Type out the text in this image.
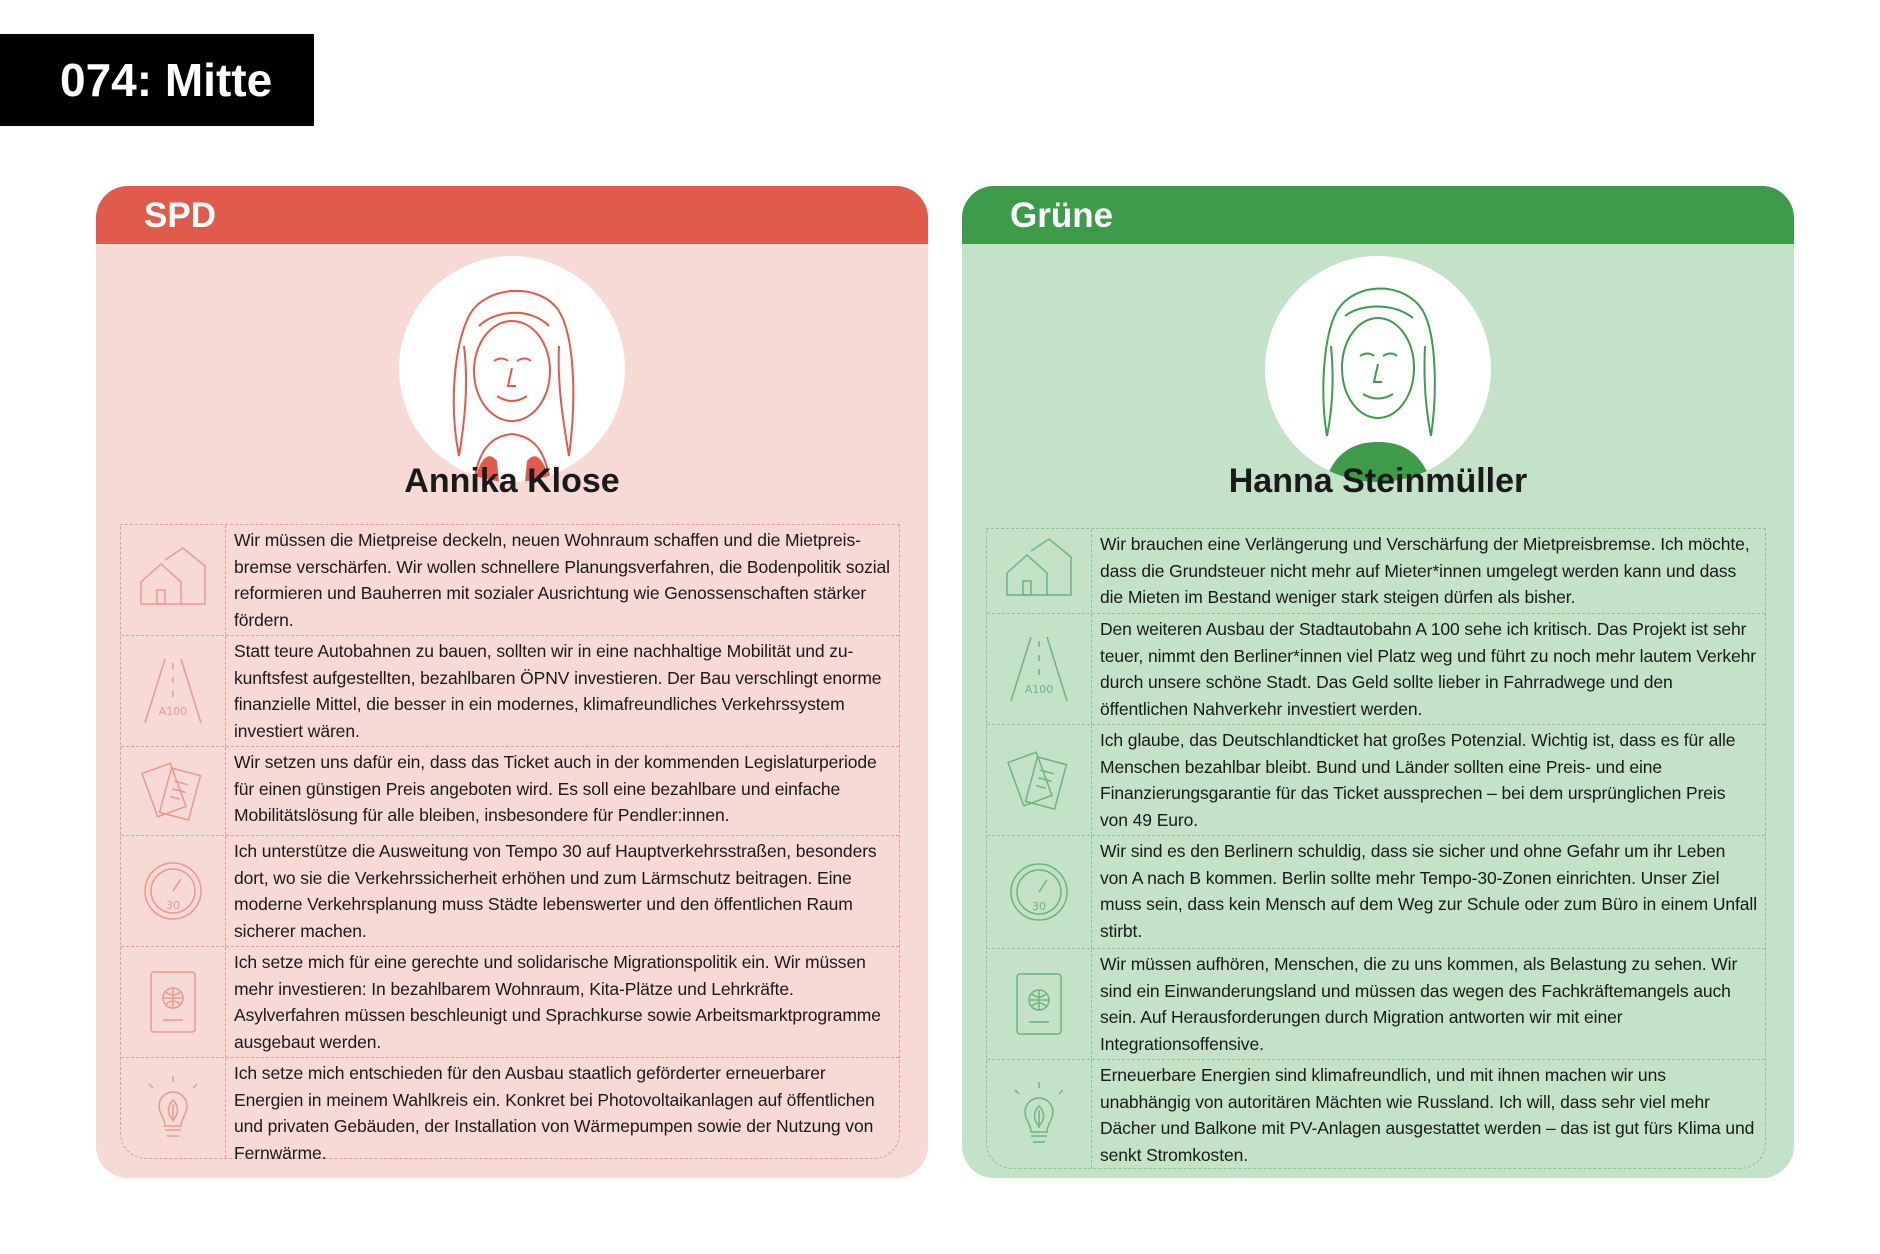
074: Mitte
SPD
Annika Klose
Wir müssen die Mietpreise deckeln, neuen Wohnraum schaffen und die Mietpreis-bremse verschärfen. Wir wollen schnellere Planungsverfahren, die Bodenpolitik sozial reformieren und Bauherren mit sozialer Ausrichtung wie Genossenschaften stärker fördern.
A100
Statt teure Autobahnen zu bauen, sollten wir in eine nachhaltige Mobilität und zu-kunftsfest aufgestellten, bezahlbaren ÖPNV investieren. Der Bau verschlingt enorme finanzielle Mittel, die besser in ein modernes, klimafreundliches Verkehrssystem investiert wären.
Wir setzen uns dafür ein, dass das Ticket auch in der kommenden Legislaturperiode für einen günstigen Preis angeboten wird. Es soll eine bezahlbare und einfache Mobilitätslösung für alle bleiben, insbesondere für Pendler:innen.
30
Ich unterstütze die Ausweitung von Tempo 30 auf Hauptverkehrsstraßen, besonders dort, wo sie die Verkehrssicherheit erhöhen und zum Lärmschutz beitragen. Eine moderne Verkehrsplanung muss Städte lebenswerter und den öffentlichen Raum sicherer machen.
Ich setze mich für eine gerechte und solidarische Migrationspolitik ein. Wir müssen mehr investieren: In bezahlbarem Wohnraum, Kita-Plätze und Lehrkräfte. Asylverfahren müssen beschleunigt und Sprachkurse sowie Arbeitsmarktprogramme ausgebaut werden.
Ich setze mich entschieden für den Ausbau staatlich geförderter erneuerbarer Energien in meinem Wahlkreis ein. Konkret bei Photovoltaikanlagen auf öffentlichen und privaten Gebäuden, der Installation von Wärmepumpen sowie der Nutzung von Fernwärme.
Grüne
Hanna Steinmüller
Wir brauchen eine Verlängerung und Verschärfung der Mietpreisbremse. Ich möchte, dass die Grundsteuer nicht mehr auf Mieter*innen umgelegt werden kann und dass die Mieten im Bestand weniger stark steigen dürfen als bisher.
A100
Den weiteren Ausbau der Stadtautobahn A 100 sehe ich kritisch. Das Projekt ist sehr teuer, nimmt den Berliner*innen viel Platz weg und führt zu noch mehr lautem Verkehr durch unsere schöne Stadt. Das Geld sollte lieber in Fahrradwege und den öffentlichen Nahverkehr investiert werden.
Ich glaube, das Deutschlandticket hat großes Potenzial. Wichtig ist, dass es für alle Menschen bezahlbar bleibt. Bund und Länder sollten eine Preis- und eine Finanzierungsgarantie für das Ticket aussprechen – bei dem ursprünglichen Preis von 49 Euro.
30
Wir sind es den Berlinern schuldig, dass sie sicher und ohne Gefahr um ihr Leben von A nach B kommen. Berlin sollte mehr Tempo-30-Zonen einrichten. Unser Ziel muss sein, dass kein Mensch auf dem Weg zur Schule oder zum Büro in einem Unfall stirbt.
Wir müssen aufhören, Menschen, die zu uns kommen, als Belastung zu sehen. Wir sind ein Einwanderungsland und müssen das wegen des Fachkräftemangels auch sein. Auf Herausforderungen durch Migration antworten wir mit einer Integrationsoffensive.
Erneuerbare Energien sind klimafreundlich, und mit ihnen machen wir uns unabhängig von autoritären Mächten wie Russland. Ich will, dass sehr viel mehr Dächer und Balkone mit PV-Anlagen ausgestattet werden – das ist gut fürs Klima und senkt Stromkosten.
